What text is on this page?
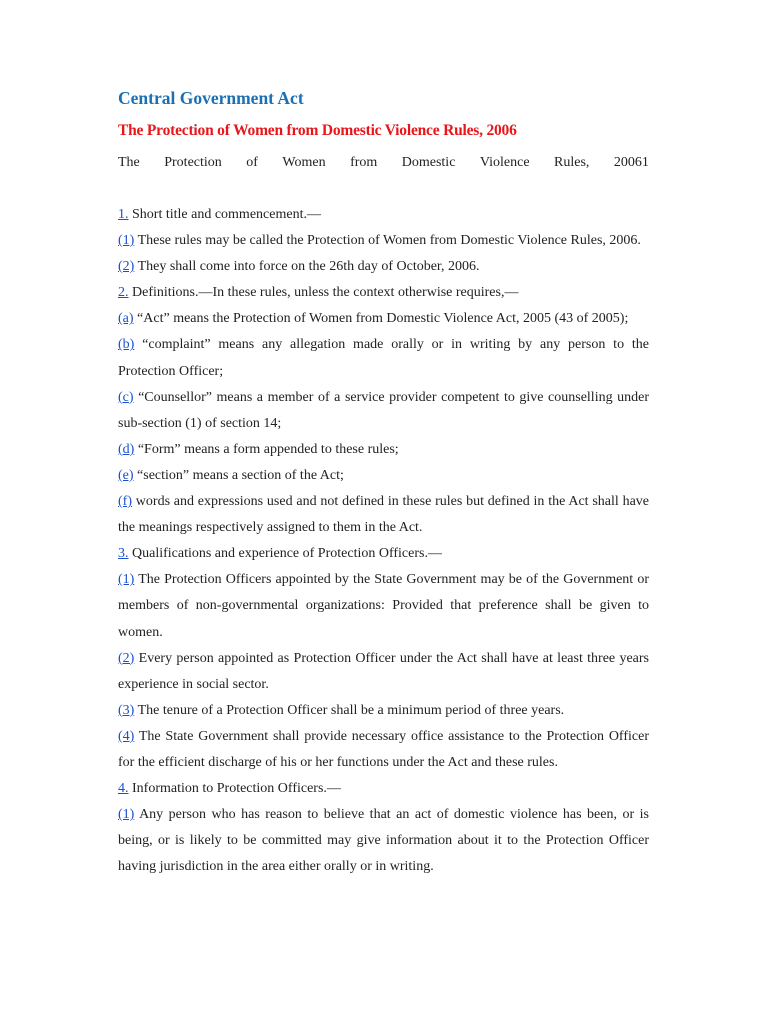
Central Government Act
The Protection of Women from Domestic Violence Rules, 2006
The Protection of Women from Domestic Violence Rules, 20061

1. Short title and commencement.—

(1) These rules may be called the Protection of Women from Domestic Violence Rules, 2006.

(2) They shall come into force on the 26th day of October, 2006.

2. Definitions.—In these rules, unless the context otherwise requires,—

(a) “Act” means the Protection of Women from Domestic Violence Act, 2005 (43 of 2005);

(b) “complaint” means any allegation made orally or in writing by any person to the Protection Officer;

(c) “Counsellor” means a member of a service provider competent to give counselling under sub-section (1) of section 14;

(d) “Form” means a form appended to these rules;

(e) “section” means a section of the Act;

(f) words and expressions used and not defined in these rules but defined in the Act shall have the meanings respectively assigned to them in the Act.

3. Qualifications and experience of Protection Officers.—

(1) The Protection Officers appointed by the State Government may be of the Government or members of non-governmental organizations: Provided that preference shall be given to women.

(2) Every person appointed as Protection Officer under the Act shall have at least three years experience in social sector.

(3) The tenure of a Protection Officer shall be a minimum period of three years.

(4) The State Government shall provide necessary office assistance to the Protection Officer for the efficient discharge of his or her functions under the Act and these rules.

4. Information to Protection Officers.—

(1) Any person who has reason to believe that an act of domestic violence has been, or is being, or is likely to be committed may give information about it to the Protection Officer having jurisdiction in the area either orally or in writing.
